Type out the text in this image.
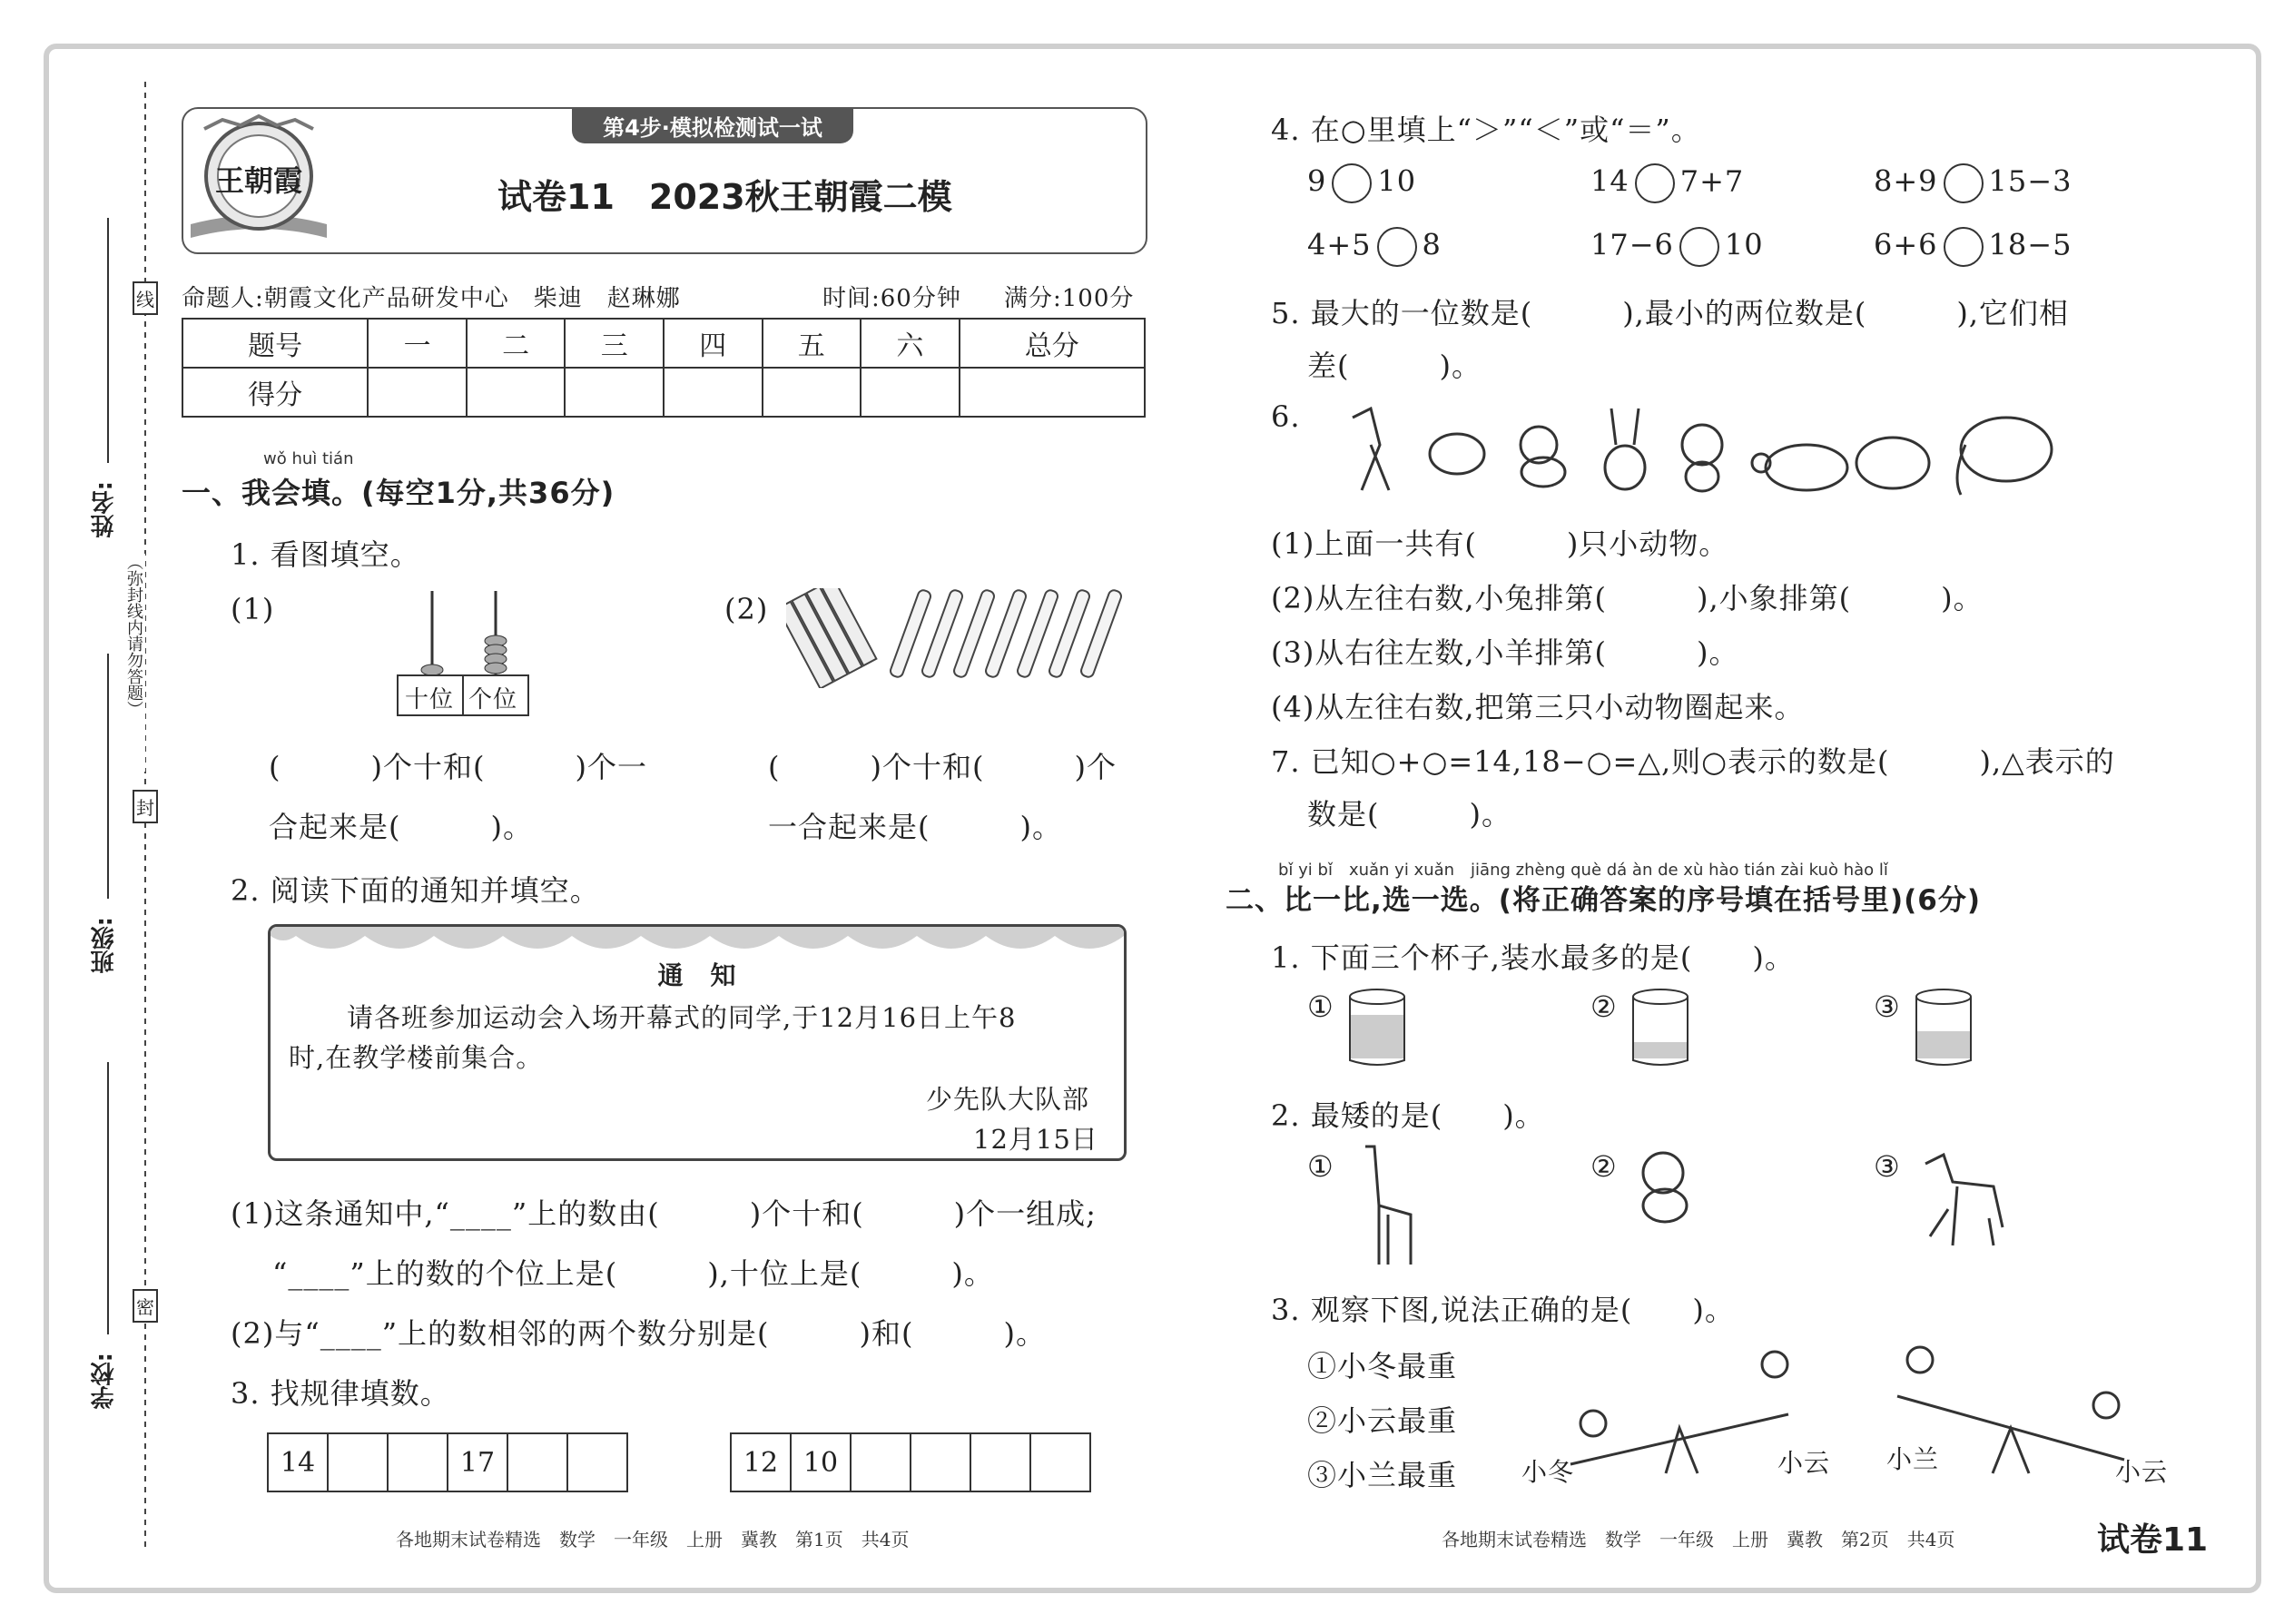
姓名:
班级:
学校:
（弥封线内请勿答题）
线
封
密
王朝霞
第4步·模拟检测试一试
试卷11　2023秋王朝霞二模
命题人:朝霞文化产品研发中心　柴迪　赵琳娜	时间:60分钟 满分:100分
题号	一	二	三	四	五	六	总分
得分							
wǒ huì tián
一、我会填。(每空1分,共36分)
1. 看图填空。
(1)	(2)
十位 个位
(　　　)个十和(　　　)个一	(　　　)个十和(　　　)个
合起来是(　　　)。	一合起来是(　　　)。
2. 阅读下面的通知并填空。
通　知
请各班参加运动会入场开幕式的同学,于12月16日上午8
时,在教学楼前集合。
少先队大队部
12月15日
(1)这条通知中,“____”上的数由(　　　)个十和(　　　)个一组成;
“____”上的数的个位上是(　　　),十位上是(　　　)。
(2)与“____”上的数相邻的两个数分别是(　　　)和(　　　)。
3. 找规律填数。
14	17	12 10
各地期末试卷精选　数学　一年级　上册　冀教　第1页　共4页
4. 在○里填上“＞”“＜”或“＝”。
9 10	14 7+7	8+9 15−3
4+5 8	17−6 10	6+6 18−5
5. 最大的一位数是(　　　),最小的两位数是(　　　),它们相
差(　　　)。
6.
(1)上面一共有(　　　)只小动物。
(2)从左往右数,小兔排第(　　　),小象排第(　　　)。
(3)从右往左数,小羊排第(　　　)。
(4)从左往右数,把第三只小动物圈起来。
7. 已知○+○=14,18−○=△,则○表示的数是(　　　),△表示的
数是(　　　)。
bǐ yi bǐ　xuǎn yi xuǎn　jiāng zhèng què dá àn de xù hào tián zài kuò hào lǐ
二、比一比,选一选。(将正确答案的序号填在括号里)(6分)
1. 下面三个杯子,装水最多的是(　　)。
①	②	③
2. 最矮的是(　　)。
①	②	③
3. 观察下图,说法正确的是(　　)。
①小冬最重
②小云最重
③小兰最重	小冬	小云 小兰	小云
各地期末试卷精选　数学　一年级　上册　冀教　第2页　共4页	试卷11
